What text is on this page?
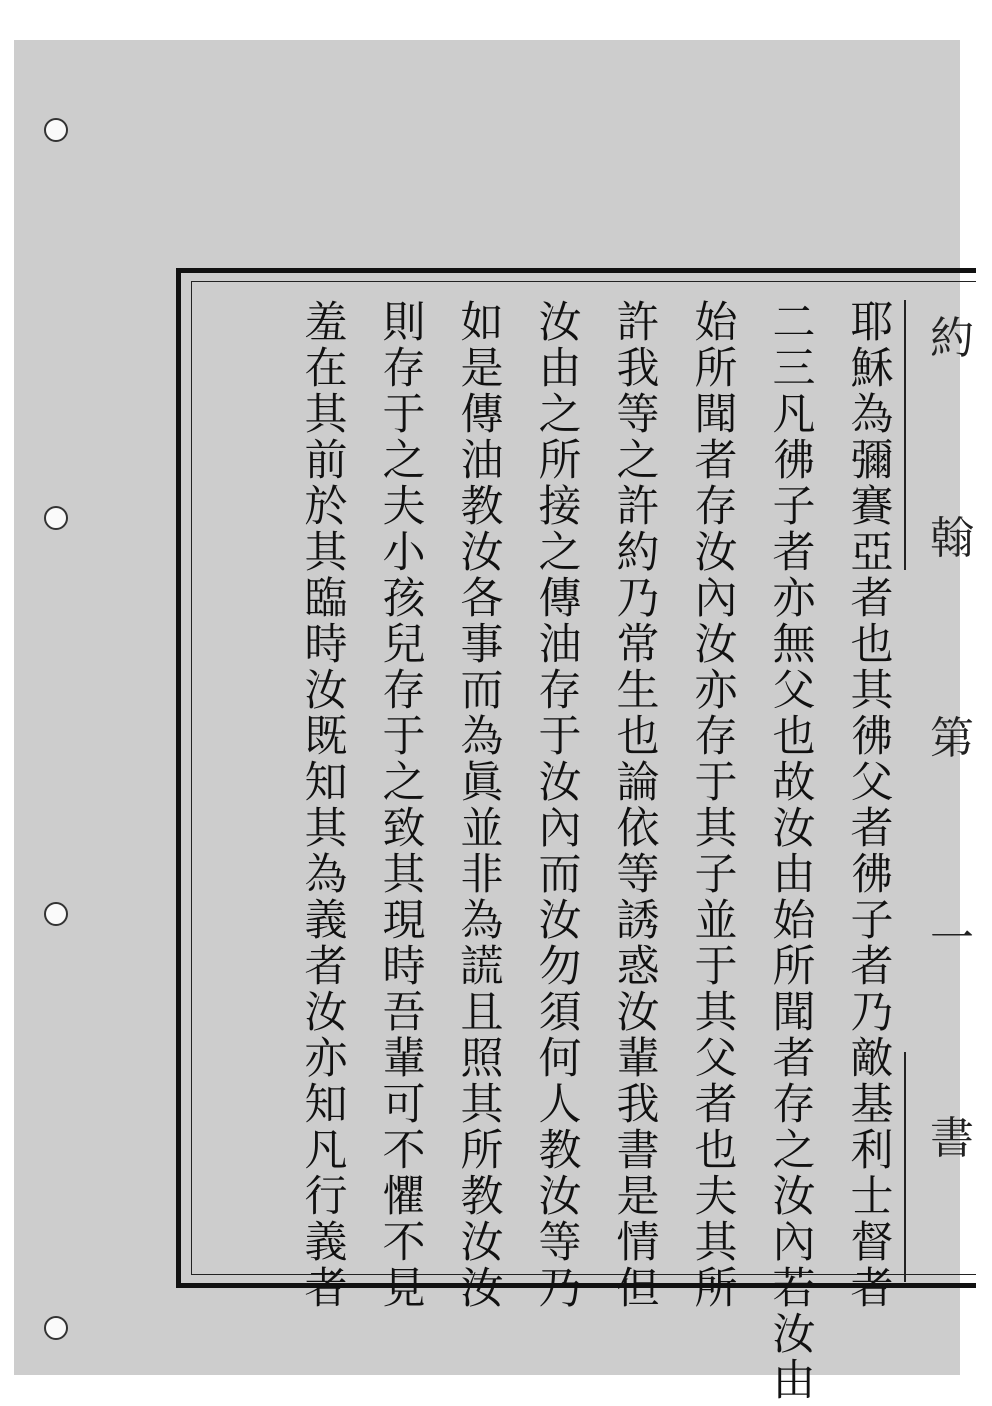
耶
穌
為
彌
賽
亞
者
也
其
彿
父
者
彿
子
者
乃
敵
基
利
士
督
者
二
三
凡
彿
子
者
亦
無
父
也
故
汝
由
始
所
聞
者
存
之
汝
內
若
汝
由
始
所
聞
者
存
汝
內
汝
亦
存
于
其
子
並
于
其
父
者
也
夫
其
所
許
我
等
之
許
約
乃
常
生
也
論
依
等
誘
惑
汝
輩
我
書
是
情
但
汝
由
之
所
接
之
傳
油
存
于
汝
內
而
汝
勿
須
何
人
教
汝
等
乃
如
是
傳
油
教
汝
各
事
而
為
眞
並
非
為
謊
且
照
其
所
教
汝
汝
則
存
于
之
夫
小
孩
兒
存
于
之
致
其
現
時
吾
輩
可
不
懼
不
見
羞
在
其
前
於
其
臨
時
汝
既
知
其
為
義
者
汝
亦
知
凡
行
義
者
約
翰
第
一
書
